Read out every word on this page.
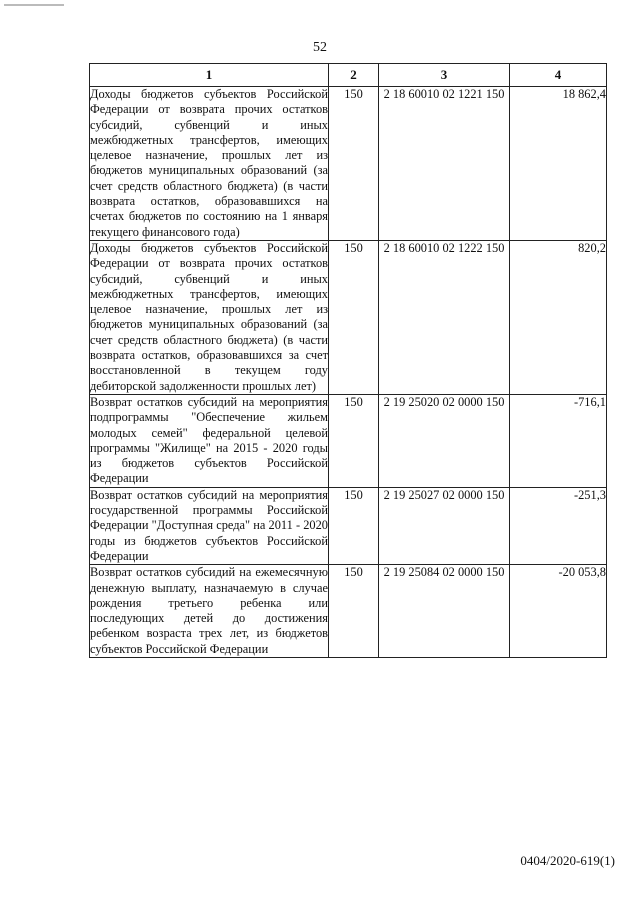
52
1	2	3	4
Доходы бюджетов субъектов Российской Федерации от возврата прочих остатков субсидий, субвенций и иных межбюджетных трансфертов, имеющих целевое назначение, прошлых лет из бюджетов муниципальных образований (за счет средств областного бюджета) (в части возврата остатков, образовавшихся на счетах бюджетов по состоянию на 1 января текущего финансового года)	150	2 18 60010 02 1221 150	18 862,4
Доходы бюджетов субъектов Российской Федерации от возврата прочих остатков субсидий, субвенций и иных межбюджетных трансфертов, имеющих целевое назначение, прошлых лет из бюджетов муниципальных образований (за счет средств областного бюджета) (в части возврата остатков, образовавшихся за счет восстановленной в текущем году дебиторской задолженности прошлых лет)	150	2 18 60010 02 1222 150	820,2
Возврат остатков субсидий на мероприятия подпрограммы "Обеспечение жильем молодых семей" федеральной целевой программы "Жилище" на 2015 - 2020 годы из бюджетов субъектов Российской Федерации	150	2 19 25020 02 0000 150	-716,1
Возврат остатков субсидий на мероприятия государственной программы Российской Федерации "Доступная среда" на 2011 - 2020 годы из бюджетов субъектов Российской Федерации	150	2 19 25027 02 0000 150	-251,3
Возврат остатков субсидий на ежемесячную денежную выплату, назначаемую в случае рождения третьего ребенка или последующих детей до достижения ребенком возраста трех лет, из бюджетов субъектов Российской Федерации	150	2 19 25084 02 0000 150	-20 053,8
0404/2020-619(1)
